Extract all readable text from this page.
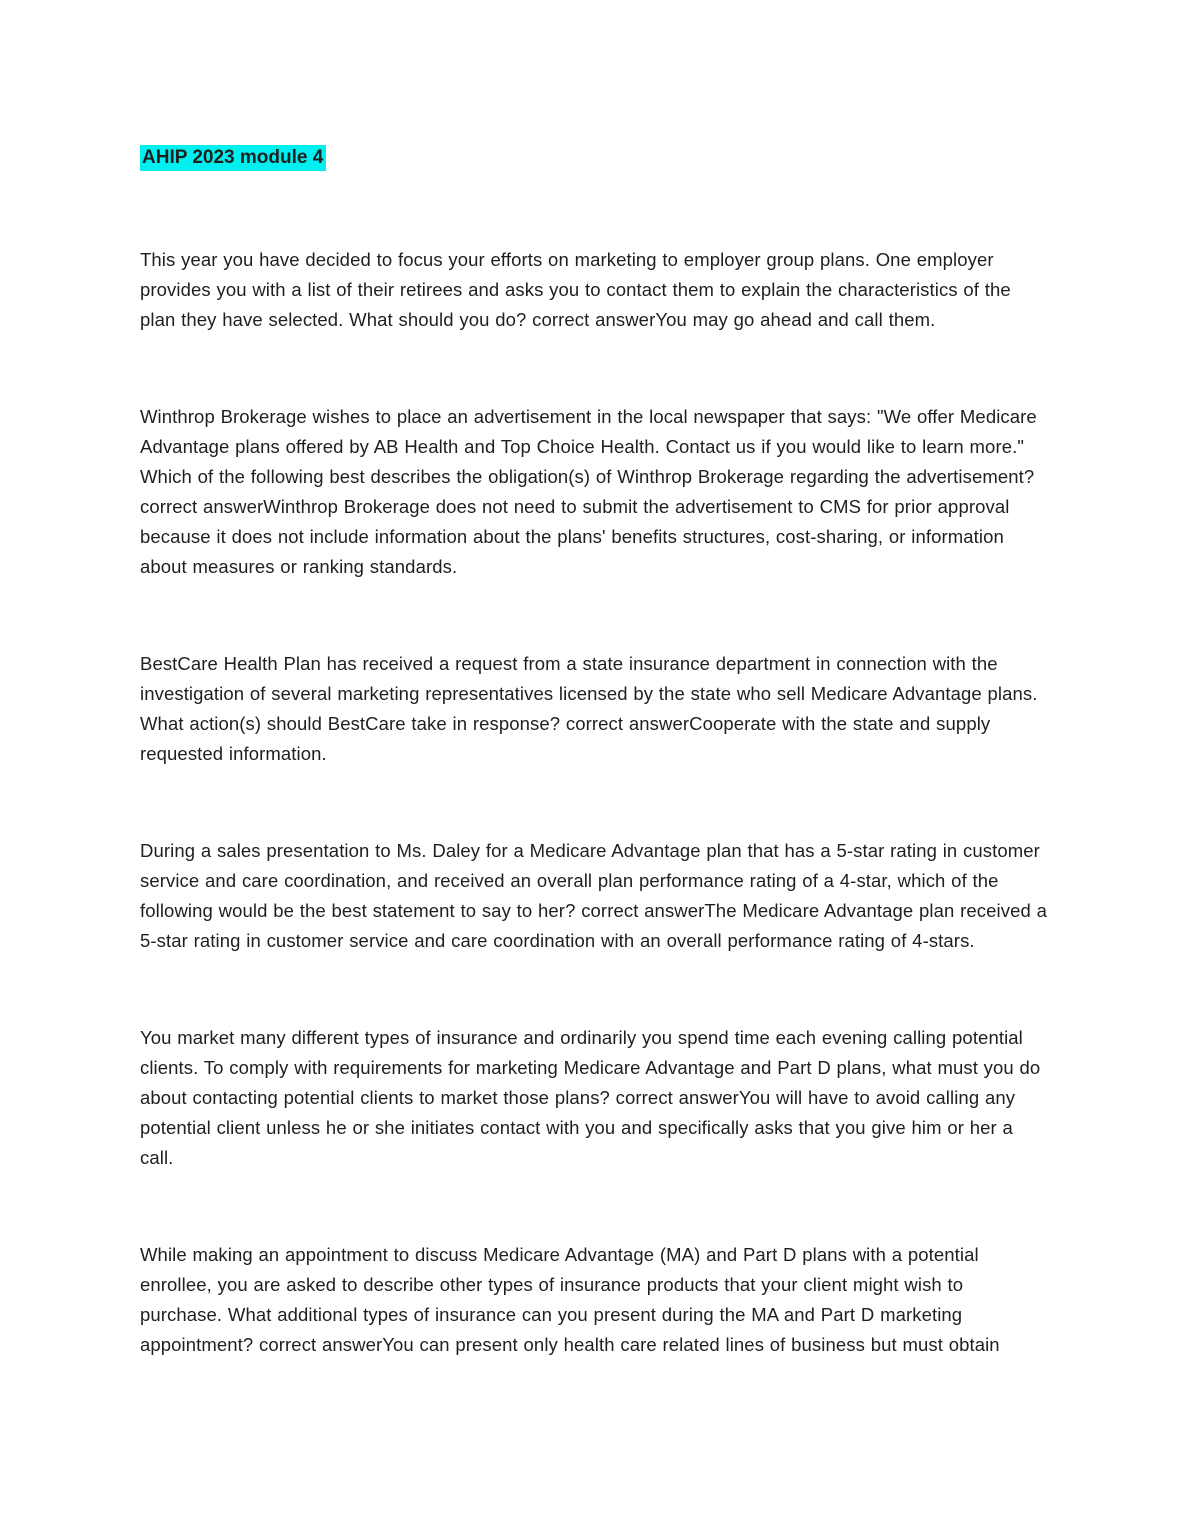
AHIP 2023 module 4

This year you have decided to focus your efforts on marketing to employer group plans. One employer provides you with a list of their retirees and asks you to contact them to explain the characteristics of the plan they have selected. What should you do? correct answerYou may go ahead and call them.

Winthrop Brokerage wishes to place an advertisement in the local newspaper that says: "We offer Medicare Advantage plans offered by AB Health and Top Choice Health. Contact us if you would like to learn more." Which of the following best describes the obligation(s) of Winthrop Brokerage regarding the advertisement? correct answerWinthrop Brokerage does not need to submit the advertisement to CMS for prior approval because it does not include information about the plans' benefits structures, cost-sharing, or information about measures or ranking standards.

BestCare Health Plan has received a request from a state insurance department in connection with the investigation of several marketing representatives licensed by the state who sell Medicare Advantage plans. What action(s) should BestCare take in response? correct answerCooperate with the state and supply requested information.

During a sales presentation to Ms. Daley for a Medicare Advantage plan that has a 5-star rating in customer service and care coordination, and received an overall plan performance rating of a 4-star, which of the following would be the best statement to say to her? correct answerThe Medicare Advantage plan received a 5-star rating in customer service and care coordination with an overall performance rating of 4-stars.

You market many different types of insurance and ordinarily you spend time each evening calling potential clients. To comply with requirements for marketing Medicare Advantage and Part D plans, what must you do about contacting potential clients to market those plans? correct answerYou will have to avoid calling any potential client unless he or she initiates contact with you and specifically asks that you give him or her a call.

While making an appointment to discuss Medicare Advantage (MA) and Part D plans with a potential enrollee, you are asked to describe other types of insurance products that your client might wish to purchase. What additional types of insurance can you present during the MA and Part D marketing appointment? correct answerYou can present only health care related lines of business but must obtain
